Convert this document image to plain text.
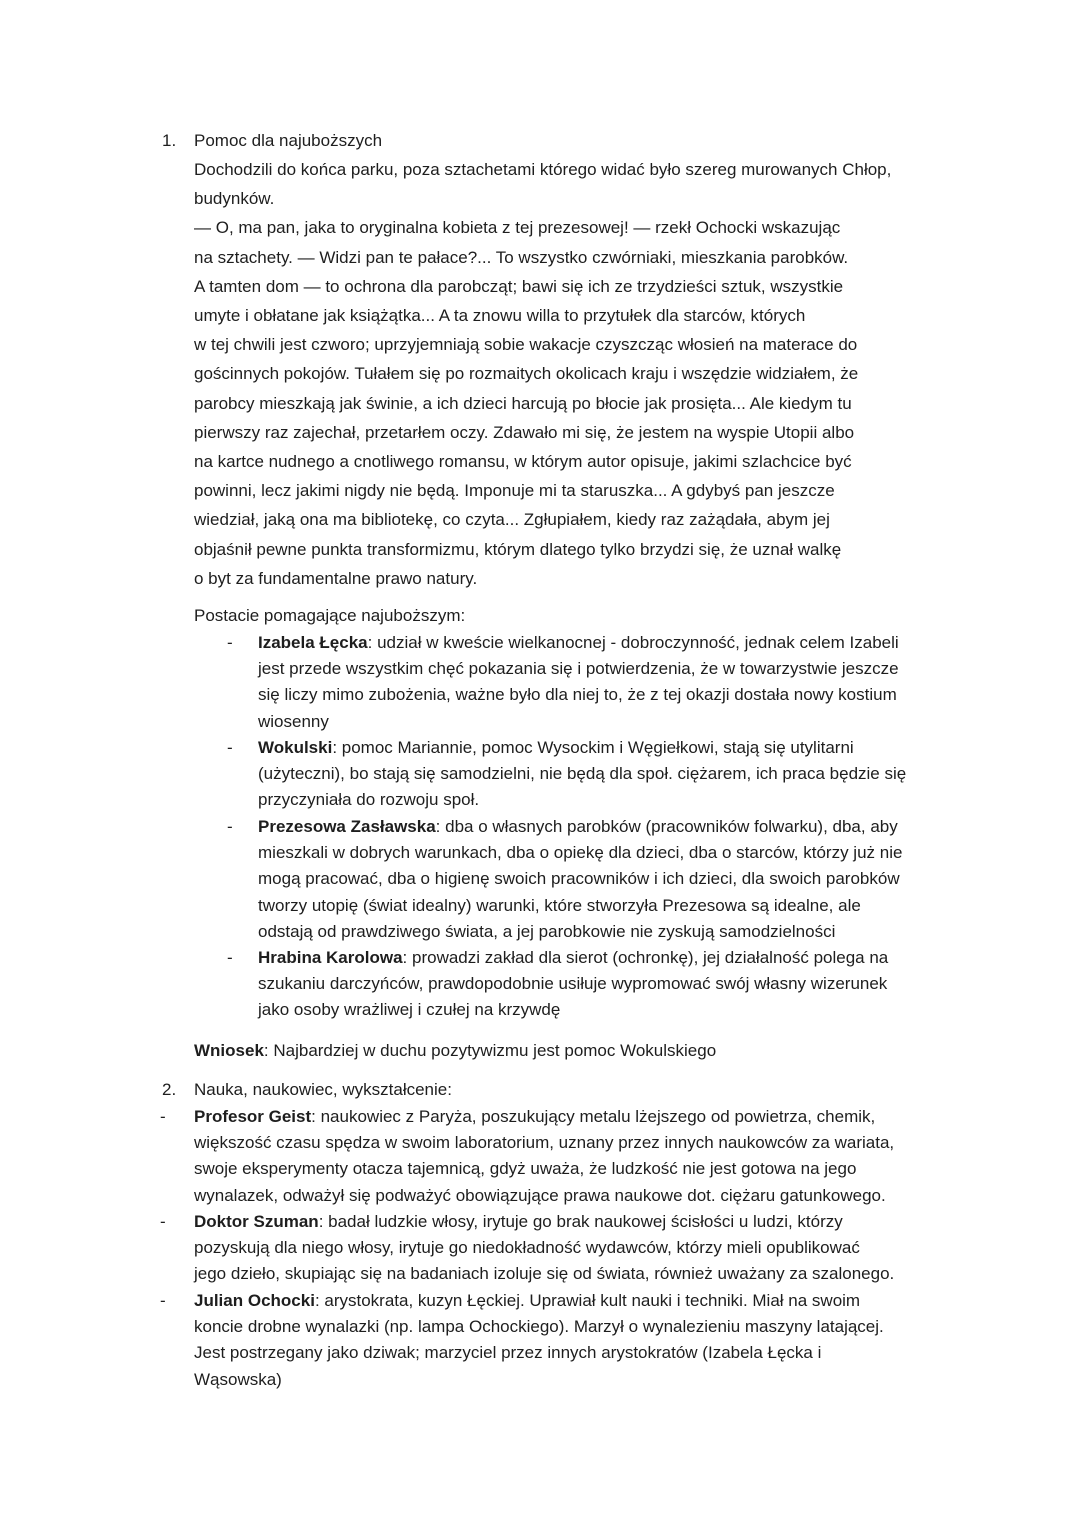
1. Pomoc dla najuboższych

Dochodzili do końca parku, poza sztachetami którego widać było szereg murowanych Chłop,
budynków.
— O, ma pan, jaka to oryginalna kobieta z tej prezesowej! — rzekł Ochocki wskazując
na sztachety. — Widzi pan te pałace?... To wszystko czwórniaki, mieszkania parobków.
A tamten dom — to ochrona dla parobcząt; bawi się ich ze trzydzieści sztuk, wszystkie
umyte i obłatane jak książątka... A ta znowu willa to przytułek dla starców, których
w tej chwili jest czworo; uprzyjemniają sobie wakacje czyszcząc włosień na materace do
gościnnych pokojów. Tułałem się po rozmaitych okolicach kraju i wszędzie widziałem, że
parobcy mieszkają jak świnie, a ich dzieci harcują po błocie jak prosięta... Ale kiedym tu
pierwszy raz zajechał, przetarłem oczy. Zdawało mi się, że jestem na wyspie Utopii albo
na kartce nudnego a cnotliwego romansu, w którym autor opisuje, jakimi szlachcice być
powinni, lecz jakimi nigdy nie będą. Imponuje mi ta staruszka... A gdybyś pan jeszcze
wiedział, jaką ona ma bibliotekę, co czyta... Zgłupiałem, kiedy raz zażądała, abym jej
objaśnił pewne punkta transformizmu, którym dlatego tylko brzydzi się, że uznał walkę
o byt za fundamentalne prawo natury.

Postacie pomagające najuboższym:
- Izabela Łęcka: udział w kweście wielkanocnej - dobroczynność, jednak celem Izabeli
jest przede wszystkim chęć pokazania się i potwierdzenia, że w towarzystwie jeszcze
się liczy mimo zubożenia, ważne było dla niej to, że z tej okazji dostała nowy kostium
wiosenny

- Wokulski: pomoc Mariannie, pomoc Wysockim i Węgiełkowi, stają się utylitarni
(użyteczni), bo stają się samodzielni, nie będą dla społ. ciężarem, ich praca będzie się
przyczyniała do rozwoju społ.

- Prezesowa Zasławska: dba o własnych parobków (pracowników folwarku), dba, aby
mieszkali w dobrych warunkach, dba o opiekę dla dzieci, dba o starców, którzy już nie
mogą pracować, dba o higienę swoich pracowników i ich dzieci, dla swoich parobków
tworzy utopię (świat idealny) warunki, które stworzyła Prezesowa są idealne, ale
odstają od prawdziwego świata, a jej parobkowie nie zyskują samodzielności

- Hrabina Karolowa: prowadzi zakład dla sierot (ochronkę), jej działalność polega na
szukaniu darczyńców, prawdopodobnie usiłuje wypromować swój własny wizerunek
jako osoby wrażliwej i czułej na krzywdę

Wniosek: Najbardziej w duchu pozytywizmu jest pomoc Wokulskiego
2. Nauka, naukowiec, wykształcenie:
- Profesor Geist: naukowiec z Paryża, poszukujący metalu lżejszego od powietrza, chemik,
większość czasu spędza w swoim laboratorium, uznany przez innych naukowców za wariata,
swoje eksperymenty otacza tajemnicą, gdyż uważa, że ludzkość nie jest gotowa na jego
wynalazek, odważył się podważyć obowiązujące prawa naukowe dot. ciężaru gatunkowego.

- Doktor Szuman: badał ludzkie włosy, irytuje go brak naukowej ścisłości u ludzi, którzy
pozyskują dla niego włosy, irytuje go niedokładność wydawców, którzy mieli opublikować
jego dzieło, skupiając się na badaniach izoluje się od świata, również uważany za szalonego.

- Julian Ochocki: arystokrata, kuzyn Łęckiej. Uprawiał kult nauki i techniki. Miał na swoim
koncie drobne wynalazki (np. lampa Ochockiego). Marzył o wynalezieniu maszyny latającej.
Jest postrzegany jako dziwak; marzyciel przez innych arystokratów (Izabela Łęcka i
Wąsowska)
